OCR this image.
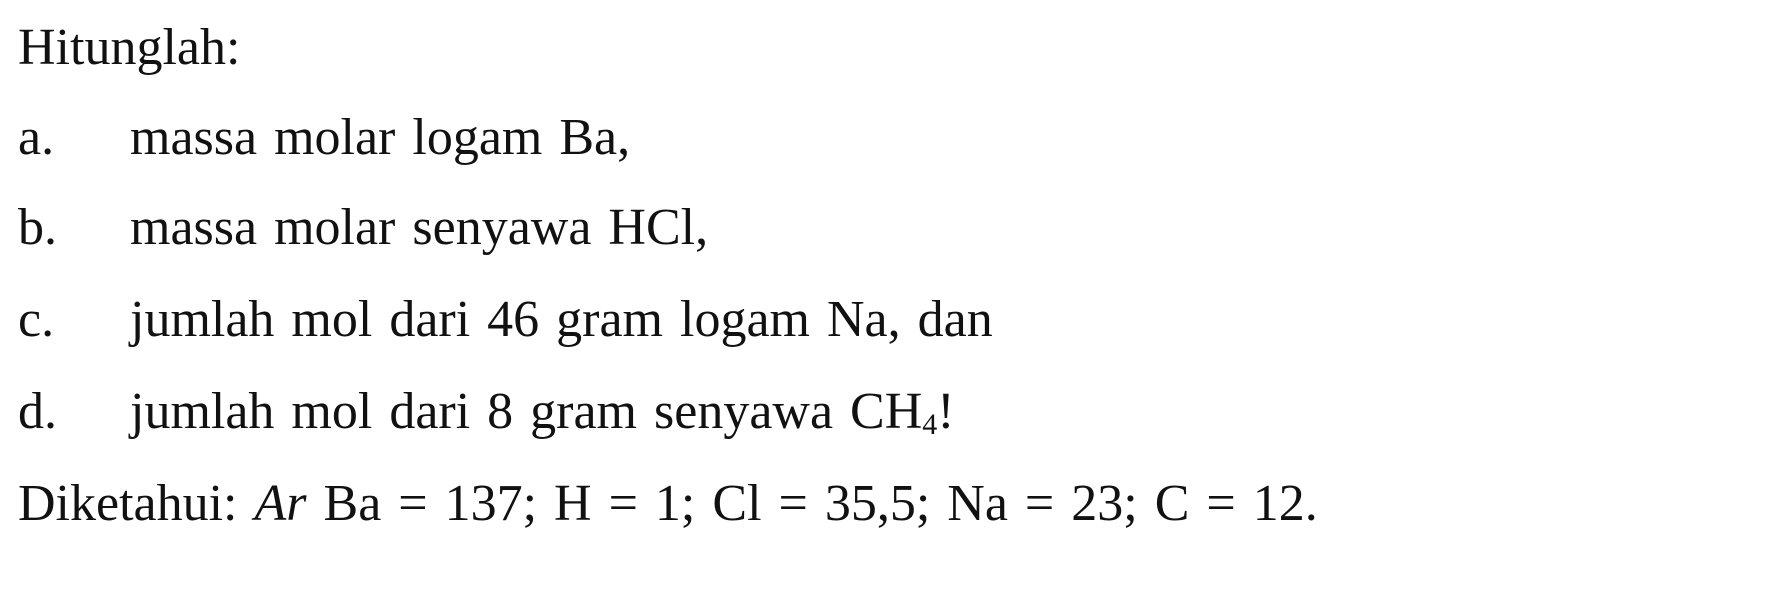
Hitunglah:
a. massa molar logam Ba,
b. massa molar senyawa HCl,
c. jumlah mol dari 46 gram logam Na, dan
d. jumlah mol dari 8 gram senyawa $CH_4$!
Diketahui: Ar Ba = 137; H = 1; Cl = 35,5; Na = 23; C = 12.
